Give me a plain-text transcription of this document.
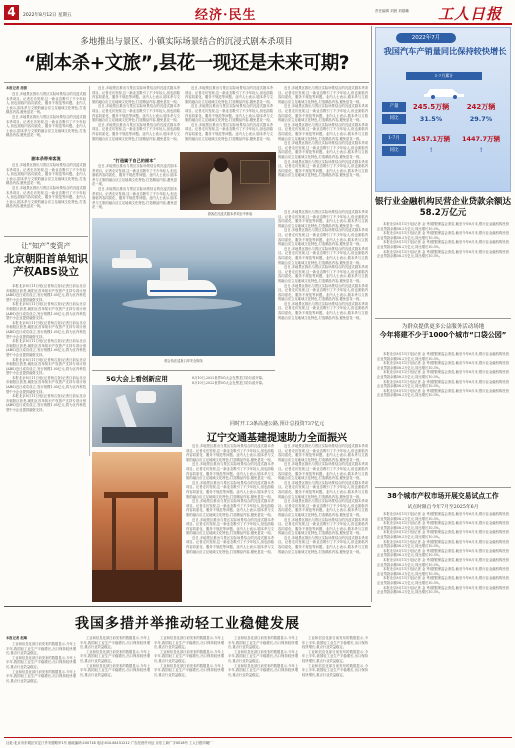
4	2022年8月12日 星期五	经济·民生	责任编辑 刘晨 刘超曦	工人日报
多地推出与景区、小镇实际场景结合的沉浸式剧本杀项目
“剧本杀+文旅”,县花一现还是未来可期?
本报记者 周倩

近日,多地景区推出与景区实际场景结合的沉浸式剧本杀项目。记者走访发现,这一新业态吸引了不少年轻人,但也面临内容同质化、服务不规范等问题。业内人士表示,剧本杀与文旅的融合应立足地域文化特色,打造精品内容,避免昙花一现。

近日,多地景区推出与景区实际场景结合的沉浸式剧本杀项目。记者走访发现,这一新业态吸引了不少年轻人,但也面临内容同质化、服务不规范等问题。业内人士表示,剧本杀与文旅的融合应立足地域文化特色,打造精品内容,避免昙花一现。

剧本杀带来客流

近日,多地景区推出与景区实际场景结合的沉浸式剧本杀项目。记者走访发现,这一新业态吸引了不少年轻人,但也面临内容同质化、服务不规范等问题。业内人士表示,剧本杀与文旅的融合应立足地域文化特色,打造精品内容,避免昙花一现。

近日,多地景区推出与景区实际场景结合的沉浸式剧本杀项目。记者走访发现,这一新业态吸引了不少年轻人,但也面临内容同质化、服务不规范等问题。业内人士表示,剧本杀与文旅的融合应立足地域文化特色,打造精品内容,避免昙花一现。

近日,多地景区推出与景区实际场景结合的沉浸式剧本杀项目。记者走访发现,这一新业态吸引了不少年轻人,但也面临内容同质化、服务不规范等问题。业内人士表示,剧本杀与文旅的融合应立足地域文化特色,打造精品内容,避免昙花一现。

近日,多地景区推出与景区实际场景结合的沉浸式剧本杀项目。记者走访发现,这一新业态吸引了不少年轻人,但也面临内容同质化、服务不规范等问题。业内人士表示,剧本杀与文旅的融合应立足地域文化特色,打造精品内容,避免昙花一现。

近日,多地景区推出与景区实际场景结合的沉浸式剧本杀项目。记者走访发现,这一新业态吸引了不少年轻人,但也面临内容同质化、服务不规范等问题。业内人士表示,剧本杀与文旅的融合应立足地域文化特色,打造精品内容,避免昙花一现。

近日,多地景区推出与景区实际场景结合的沉浸式剧本杀项目。记者走访发现,这一新业态吸引了不少年轻人,但也面临内容同质化、服务不规范等问题。业内人士表示,剧本杀与文旅的融合应立足地域文化特色,打造精品内容,避免昙花一现。

近日,多地景区推出与景区实际场景结合的沉浸式剧本杀项目。记者走访发现,这一新业态吸引了不少年轻人,但也面临内容同质化、服务不规范等问题。业内人士表示,剧本杀与文旅的融合应立足地域文化特色,打造精品内容,避免昙花一现。

近日,多地景区推出与景区实际场景结合的沉浸式剧本杀项目。记者走访发现,这一新业态吸引了不少年轻人,但也面临内容同质化、服务不规范等问题。业内人士表示,剧本杀与文旅的融合应立足地域文化特色,打造精品内容,避免昙花一现。

近日,多地景区推出与景区实际场景结合的沉浸式剧本杀项目。记者走访发现,这一新业态吸引了不少年轻人,但也面临内容同质化、服务不规范等问题。业内人士表示,剧本杀与文旅的融合应立足地域文化特色,打造精品内容,避免昙花一现。

近日,多地景区推出与景区实际场景结合的沉浸式剧本杀项目。记者走访发现,这一新业态吸引了不少年轻人,但也面临内容同质化、服务不规范等问题。业内人士表示,剧本杀与文旅的融合应立足地域文化特色,打造精品内容,避免昙花一现。

近日,多地景区推出与景区实际场景结合的沉浸式剧本杀项目。记者走访发现,这一新业态吸引了不少年轻人,但也面临内容同质化、服务不规范等问题。业内人士表示,剧本杀与文旅的融合应立足地域文化特色,打造精品内容,避免昙花一现。

近日,多地景区推出与景区实际场景结合的沉浸式剧本杀项目。记者走访发现,这一新业态吸引了不少年轻人,但也面临内容同质化、服务不规范等问题。业内人士表示,剧本杀与文旅的融合应立足地域文化特色,打造精品内容,避免昙花一现。

近日,多地景区推出与景区实际场景结合的沉浸式剧本杀项目。记者走访发现,这一新业态吸引了不少年轻人,但也面临内容同质化、服务不规范等问题。业内人士表示,剧本杀与文旅的融合应立足地域文化特色,打造精品内容,避免昙花一现。

“打造属于自己的剧本”

近日,多地景区推出与景区实际场景结合的沉浸式剧本杀项目。记者走访发现,这一新业态吸引了不少年轻人,但也面临内容同质化、服务不规范等问题。业内人士表示,剧本杀与文旅的融合应立足地域文化特色,打造精品内容,避免昙花一现。

近日,多地景区推出与景区实际场景结合的沉浸式剧本杀项目。记者走访发现,这一新业态吸引了不少年轻人,但也面临内容同质化、服务不规范等问题。业内人士表示,剧本杀与文旅的融合应立足地域文化特色,打造精品内容,避免昙花一现。

游客在沉浸式剧本杀项目中体验
让“知产”变资产
北京朝阳首单知识产权ABS设立

本报北京8月11日电(记者杨召奎)记者日前从北京市朝阳区获悉,朝阳区首单知识产权资产支持专项计划(ABS)近日成功设立,发行规模1.05亿元,将为区内科技型中小企业提供融资支持。

本报北京8月11日电(记者杨召奎)记者日前从北京市朝阳区获悉,朝阳区首单知识产权资产支持专项计划(ABS)近日成功设立,发行规模1.05亿元,将为区内科技型中小企业提供融资支持。

本报北京8月11日电(记者杨召奎)记者日前从北京市朝阳区获悉,朝阳区首单知识产权资产支持专项计划(ABS)近日成功设立,发行规模1.05亿元,将为区内科技型中小企业提供融资支持。

本报北京8月11日电(记者杨召奎)记者日前从北京市朝阳区获悉,朝阳区首单知识产权资产支持专项计划(ABS)近日成功设立,发行规模1.05亿元,将为区内科技型中小企业提供融资支持。

本报北京8月11日电(记者杨召奎)记者日前从北京市朝阳区获悉,朝阳区首单知识产权资产支持专项计划(ABS)近日成功设立,发行规模1.05亿元,将为区内科技型中小企业提供融资支持。

本报北京8月11日电(记者杨召奎)记者日前从北京市朝阳区获悉,朝阳区首单知识产权资产支持专项计划(ABS)近日成功设立,发行规模1.05亿元,将为区内科技型中小企业提供融资支持。

本报北京8月11日电(记者杨召奎)记者日前从北京市朝阳区获悉,朝阳区首单知识产权资产支持专项计划(ABS)近日成功设立,发行规模1.05亿元,将为区内科技型中小企业提供融资支持。

联合执法巡查口岸安全防线

近日,多地景区推出与景区实际场景结合的沉浸式剧本杀项目。记者走访发现,这一新业态吸引了不少年轻人,但也面临内容同质化、服务不规范等问题。业内人士表示,剧本杀与文旅的融合应立足地域文化特色,打造精品内容,避免昙花一现。

近日,多地景区推出与景区实际场景结合的沉浸式剧本杀项目。记者走访发现,这一新业态吸引了不少年轻人,但也面临内容同质化、服务不规范等问题。业内人士表示,剧本杀与文旅的融合应立足地域文化特色,打造精品内容,避免昙花一现。

近日,多地景区推出与景区实际场景结合的沉浸式剧本杀项目。记者走访发现,这一新业态吸引了不少年轻人,但也面临内容同质化、服务不规范等问题。业内人士表示,剧本杀与文旅的融合应立足地域文化特色,打造精品内容,避免昙花一现。

近日,多地景区推出与景区实际场景结合的沉浸式剧本杀项目。记者走访发现,这一新业态吸引了不少年轻人,但也面临内容同质化、服务不规范等问题。业内人士表示,剧本杀与文旅的融合应立足地域文化特色,打造精品内容,避免昙花一现。

近日,多地景区推出与景区实际场景结合的沉浸式剧本杀项目。记者走访发现,这一新业态吸引了不少年轻人,但也面临内容同质化、服务不规范等问题。业内人士表示,剧本杀与文旅的融合应立足地域文化特色,打造精品内容,避免昙花一现。

近日,多地景区推出与景区实际场景结合的沉浸式剧本杀项目。记者走访发现,这一新业态吸引了不少年轻人,但也面临内容同质化、服务不规范等问题。业内人士表示,剧本杀与文旅的融合应立足地域文化特色,打造精品内容,避免昙花一现。

5G大会上看创新应用	8月10日,2022世界5G大会在黑龙江哈尔滨开幕。

8月10日,2022世界5G大会在黑龙江哈尔滨开幕。

同时开工3条高速公路,预计总投资737亿元
辽宁交通基建提速助力全面振兴

近日,多地景区推出与景区实际场景结合的沉浸式剧本杀项目。记者走访发现,这一新业态吸引了不少年轻人,但也面临内容同质化、服务不规范等问题。业内人士表示,剧本杀与文旅的融合应立足地域文化特色,打造精品内容,避免昙花一现。

近日,多地景区推出与景区实际场景结合的沉浸式剧本杀项目。记者走访发现,这一新业态吸引了不少年轻人,但也面临内容同质化、服务不规范等问题。业内人士表示,剧本杀与文旅的融合应立足地域文化特色,打造精品内容,避免昙花一现。

近日,多地景区推出与景区实际场景结合的沉浸式剧本杀项目。记者走访发现,这一新业态吸引了不少年轻人,但也面临内容同质化、服务不规范等问题。业内人士表示,剧本杀与文旅的融合应立足地域文化特色,打造精品内容,避免昙花一现。

近日,多地景区推出与景区实际场景结合的沉浸式剧本杀项目。记者走访发现,这一新业态吸引了不少年轻人,但也面临内容同质化、服务不规范等问题。业内人士表示,剧本杀与文旅的融合应立足地域文化特色,打造精品内容,避免昙花一现。

近日,多地景区推出与景区实际场景结合的沉浸式剧本杀项目。记者走访发现,这一新业态吸引了不少年轻人,但也面临内容同质化、服务不规范等问题。业内人士表示,剧本杀与文旅的融合应立足地域文化特色,打造精品内容,避免昙花一现。

近日,多地景区推出与景区实际场景结合的沉浸式剧本杀项目。记者走访发现,这一新业态吸引了不少年轻人,但也面临内容同质化、服务不规范等问题。业内人士表示,剧本杀与文旅的融合应立足地域文化特色,打造精品内容,避免昙花一现。

近日,多地景区推出与景区实际场景结合的沉浸式剧本杀项目。记者走访发现,这一新业态吸引了不少年轻人,但也面临内容同质化、服务不规范等问题。业内人士表示,剧本杀与文旅的融合应立足地域文化特色,打造精品内容,避免昙花一现。

近日,多地景区推出与景区实际场景结合的沉浸式剧本杀项目。记者走访发现,这一新业态吸引了不少年轻人,但也面临内容同质化、服务不规范等问题。业内人士表示,剧本杀与文旅的融合应立足地域文化特色,打造精品内容,避免昙花一现。

近日,多地景区推出与景区实际场景结合的沉浸式剧本杀项目。记者走访发现,这一新业态吸引了不少年轻人,但也面临内容同质化、服务不规范等问题。业内人士表示,剧本杀与文旅的融合应立足地域文化特色,打造精品内容,避免昙花一现。

近日,多地景区推出与景区实际场景结合的沉浸式剧本杀项目。记者走访发现,这一新业态吸引了不少年轻人,但也面临内容同质化、服务不规范等问题。业内人士表示,剧本杀与文旅的融合应立足地域文化特色,打造精品内容,避免昙花一现。

近日,多地景区推出与景区实际场景结合的沉浸式剧本杀项目。记者走访发现,这一新业态吸引了不少年轻人,但也面临内容同质化、服务不规范等问题。业内人士表示,剧本杀与文旅的融合应立足地域文化特色,打造精品内容,避免昙花一现。

近日,多地景区推出与景区实际场景结合的沉浸式剧本杀项目。记者走访发现,这一新业态吸引了不少年轻人,但也面临内容同质化、服务不规范等问题。业内人士表示,剧本杀与文旅的融合应立足地域文化特色,打造精品内容,避免昙花一现。

2022年7月
我国汽车产销量同比保持较快增长
1-7月累计
产量	245.5万辆	242万辆
同比	31.5%	29.7%
1-7月	1457.1万辆	1447.7万辆
同比	↑	↑
银行业金融机构民营企业贷款余额达58.2万亿元

本报北京8月11日电(记者 金 秀)据银保监会消息,截至今年6月末,银行业金融机构民营企业贷款余额58.2万亿元,同比增长10.3%。

本报北京8月11日电(记者 金 秀)据银保监会消息,截至今年6月末,银行业金融机构民营企业贷款余额58.2万亿元,同比增长10.3%。

本报北京8月11日电(记者 金 秀)据银保监会消息,截至今年6月末,银行业金融机构民营企业贷款余额58.2万亿元,同比增长10.3%。

本报北京8月11日电(记者 金 秀)据银保监会消息,截至今年6月末,银行业金融机构民营企业贷款余额58.2万亿元,同比增长10.3%。

为群众提供更多公益服务活动场地
今年将建不少于1000个城市“口袋公园”

本报北京8月11日电(记者 金 秀)据银保监会消息,截至今年6月末,银行业金融机构民营企业贷款余额58.2万亿元,同比增长10.3%。

本报北京8月11日电(记者 金 秀)据银保监会消息,截至今年6月末,银行业金融机构民营企业贷款余额58.2万亿元,同比增长10.3%。

本报北京8月11日电(记者 金 秀)据银保监会消息,截至今年6月末,银行业金融机构民营企业贷款余额58.2万亿元,同比增长10.3%。

本报北京8月11日电(记者 金 秀)据银保监会消息,截至今年6月末,银行业金融机构民营企业贷款余额58.2万亿元,同比增长10.3%。

本报北京8月11日电(记者 金 秀)据银保监会消息,截至今年6月末,银行业金融机构民营企业贷款余额58.2万亿元,同比增长10.3%。

38个城市产权市场开展交易试点工作
试点时限自今年7月至2025年6月

本报北京8月11日电(记者 金 秀)据银保监会消息,截至今年6月末,银行业金融机构民营企业贷款余额58.2万亿元,同比增长10.3%。

本报北京8月11日电(记者 金 秀)据银保监会消息,截至今年6月末,银行业金融机构民营企业贷款余额58.2万亿元,同比增长10.3%。

本报北京8月11日电(记者 金 秀)据银保监会消息,截至今年6月末,银行业金融机构民营企业贷款余额58.2万亿元,同比增长10.3%。

本报北京8月11日电(记者 金 秀)据银保监会消息,截至今年6月末,银行业金融机构民营企业贷款余额58.2万亿元,同比增长10.3%。

本报北京8月11日电(记者 金 秀)据银保监会消息,截至今年6月末,银行业金融机构民营企业贷款余额58.2万亿元,同比增长10.3%。

本报北京8月11日电(记者 金 秀)据银保监会消息,截至今年6月末,银行业金融机构民营企业贷款余额58.2万亿元,同比增长10.3%。

本报北京8月11日电(记者 金 秀)据银保监会消息,截至今年6月末,银行业金融机构民营企业贷款余额58.2万亿元,同比增长10.3%。

本报北京8月11日电(记者 金 秀)据银保监会消息,截至今年6月末,银行业金融机构民营企业贷款余额58.2万亿元,同比增长10.3%。

本报北京8月11日电(记者 金 秀)据银保监会消息,截至今年6月末,银行业金融机构民营企业贷款余额58.2万亿元,同比增长10.3%。

我国多措并举推动轻工业稳健发展
本报记者 赵琳

工业和信息化部日前发布的数据显示,今年上半年,我国轻工业生产平稳增长,出口保持较快增长,重点行业效益稳定。

工业和信息化部日前发布的数据显示,今年上半年,我国轻工业生产平稳增长,出口保持较快增长,重点行业效益稳定。

工业和信息化部日前发布的数据显示,今年上半年,我国轻工业生产平稳增长,出口保持较快增长,重点行业效益稳定。

工业和信息化部日前发布的数据显示,今年上半年,我国轻工业生产平稳增长,出口保持较快增长,重点行业效益稳定。

工业和信息化部日前发布的数据显示,今年上半年,我国轻工业生产平稳增长,出口保持较快增长,重点行业效益稳定。

工业和信息化部日前发布的数据显示,今年上半年,我国轻工业生产平稳增长,出口保持较快增长,重点行业效益稳定。

工业和信息化部日前发布的数据显示,今年上半年,我国轻工业生产平稳增长,出口保持较快增长,重点行业效益稳定。

工业和信息化部日前发布的数据显示,今年上半年,我国轻工业生产平稳增长,出口保持较快增长,重点行业效益稳定。

工业和信息化部日前发布的数据显示,今年上半年,我国轻工业生产平稳增长,出口保持较快增长,重点行业效益稳定。

工业和信息化部日前发布的数据显示,今年上半年,我国轻工业生产平稳增长,出口保持较快增长,重点行业效益稳定。

工业和信息化部日前发布的数据显示,今年上半年,我国轻工业生产平稳增长,出口保持较快增长,重点行业效益稳定。

工业和信息化部日前发布的数据显示,今年上半年,我国轻工业生产平稳增长,出口保持较快增长,重点行业效益稳定。

工业和信息化部日前发布的数据显示,今年上半年,我国轻工业生产平稳增长,出口保持较快增长,重点行业效益稳定。

工业和信息化部日前发布的数据显示,今年上半年,我国轻工业生产平稳增长,出口保持较快增长,重点行业效益稳定。

工业和信息化部日前发布的数据显示,今年上半年,我国轻工业生产平稳增长,出口保持较快增长,重点行业效益稳定。

社址:北京市东城区安定门外安德路甲1号 邮政编码:100718 电话:010-84151212 广告经营许可证 京东工商广字0018号 工人日报印刷厂
